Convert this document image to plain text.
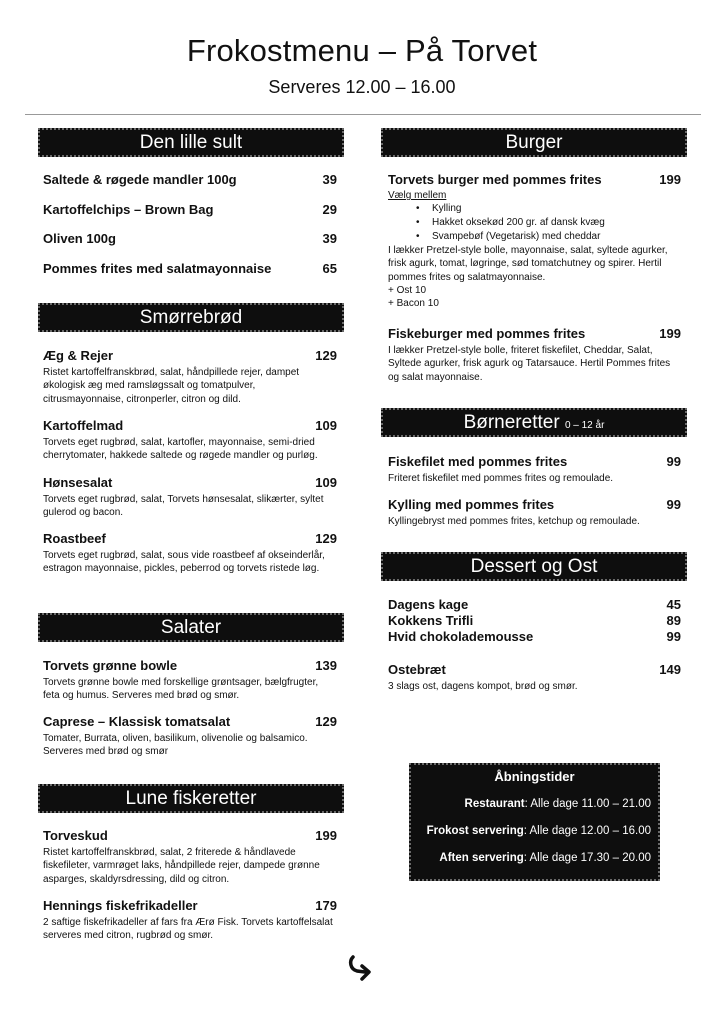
Frokostmenu – På Torvet
Serveres 12.00 – 16.00
Den lille sult
Saltede & røgede mandler 100g	39
Kartoffelchips – Brown Bag	29
Oliven 100g	39
Pommes frites med salatmayonnaise	65
Smørrebrød
Æg & Rejer	129
Ristet kartoffelfranskbrød, salat, håndpillede rejer, dampet økologisk æg med ramsløgssalt og tomatpulver, citrusmayonnaise, citronperler, citron og dild.
Kartoffelmad	109
Torvets eget rugbrød, salat, kartofler, mayonnaise, semi-dried cherrytomater, hakkede saltede og røgede mandler og purløg.
Hønsesalat	109
Torvets eget rugbrød, salat, Torvets hønsesalat, slikærter, syltet gulerod og bacon.
Roastbeef	129
Torvets eget rugbrød, salat, sous vide roastbeef af okseinderlår, estragon mayonnaise, pickles, peberrod og torvets ristede løg.
Salater
Torvets grønne bowle	139
Torvets grønne bowle med forskellige grøntsager, bælgfrugter, feta og humus. Serveres med brød og smør.
Caprese – Klassisk tomatsalat	129
Tomater, Burrata, oliven, basilikum, olivenolie og balsamico. Serveres med brød og smør
Lune fiskeretter
Torveskud	199
Ristet kartoffelfranskbrød, salat, 2 friterede & håndlavede fiskefileter, varmrøget laks, håndpillede rejer, dampede grønne asparges, skaldyrsdressing, dild og citron.
Hennings fiskefrikadeller	179
2 saftige fiskefrikadeller af fars fra Ærø Fisk. Torvets kartoffelsalat serveres med citron, rugbrød og smør.
Burger
Torvets burger med pommes frites	199
Vælg mellem
• Kylling
• Hakket oksekød 200 gr. af dansk kvæg
• Svampebøf (Vegetarisk) med cheddar
I lækker Pretzel-style bolle, mayonnaise, salat, syltede agurker, frisk agurk, tomat, løgringe, sød tomatchutney og spirer. Hertil pommes frites og salatmayonnaise.
+ Ost 10
+ Bacon 10
Fiskeburger med pommes frites	199
I lækker Pretzel-style bolle, friteret fiskefilet, Cheddar, Salat, Syltede agurker, frisk agurk og Tatarsauce. Hertil Pommes frites og salat mayonnaise.
Børneretter 0 – 12 år
Fiskefilet med pommes frites	99
Friteret fiskefilet med pommes frites og remoulade.
Kylling med pommes frites	99
Kyllingebryst med pommes frites, ketchup og remoulade.
Dessert og Ost
Dagens kage	45
Kokkens Trifli	89
Hvid chokolademousse	99
Ostebræt	149
3 slags ost, dagens kompot, brød og smør.
Åbningstider
Restaurant: Alle dage 11.00 – 21.00
Frokost servering: Alle dage 12.00 – 16.00
Aften servering: Alle dage 17.30 – 20.00
